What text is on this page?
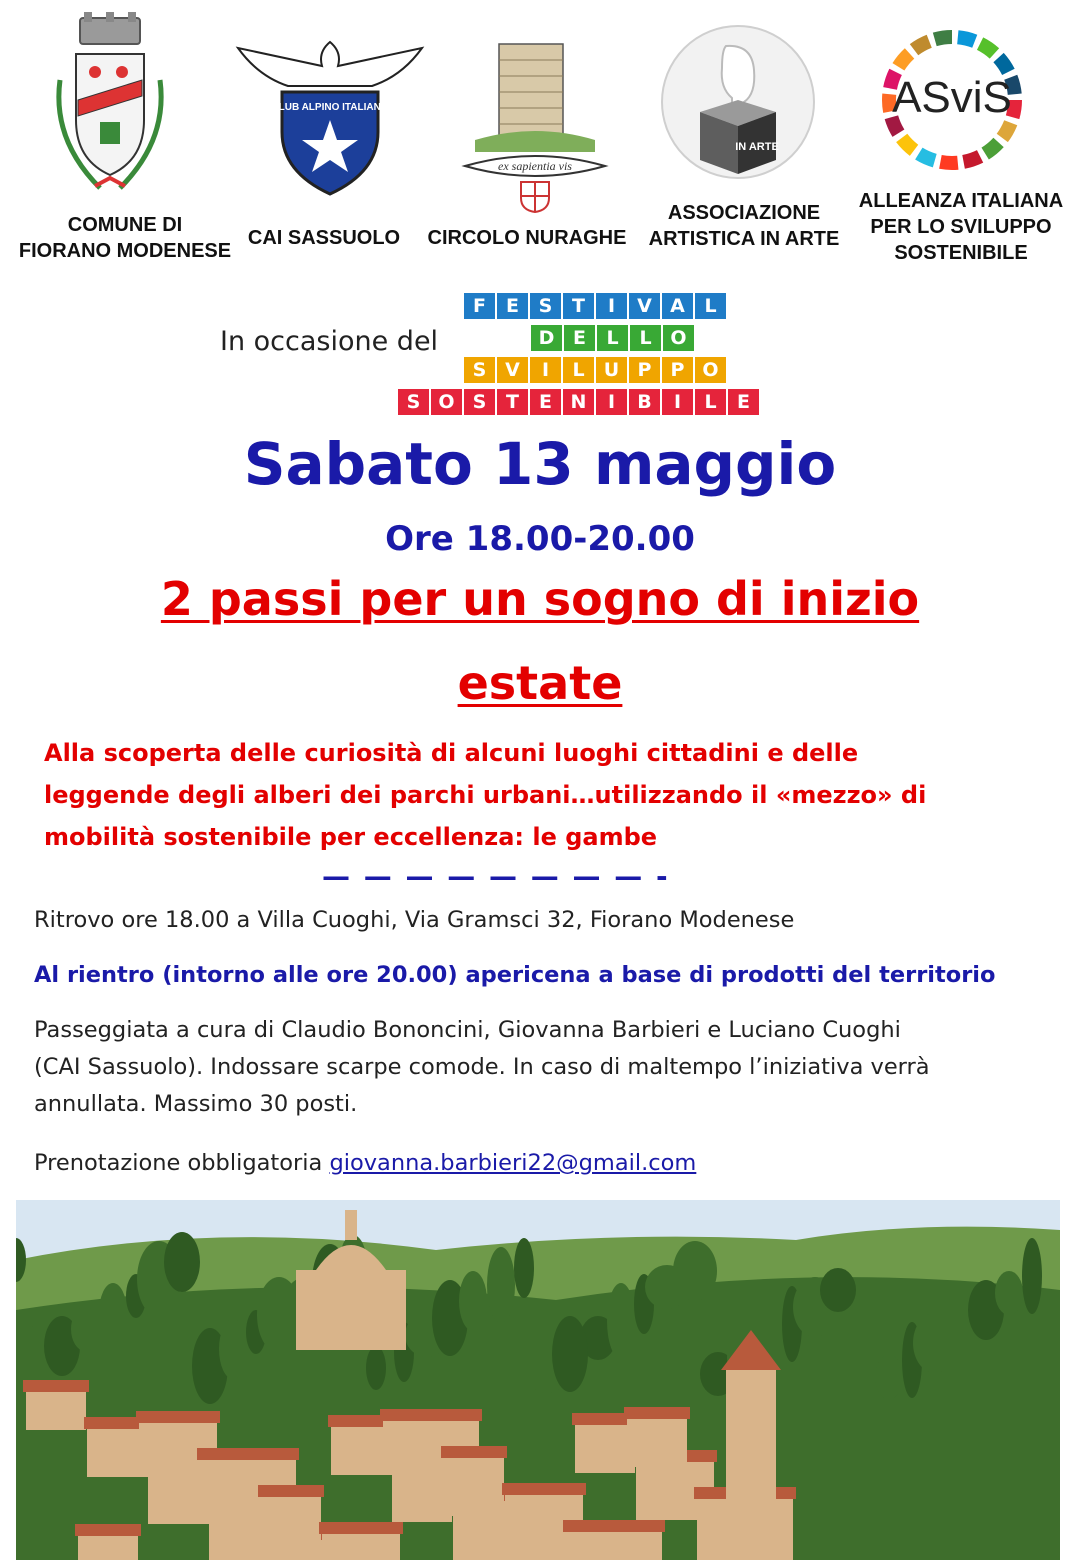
CLUB ALPINO ITALIANO
ex sapientia vis
IN ARTE
ASviS
COMUNE DI
FIORANO MODENESE
CAI SASSUOLO	CIRCOLO NURAGHE
ASSOCIAZIONE
ARTISTICA IN ARTE
ALLEANZA ITALIANA
PER LO SVILUPPO
SOSTENIBILE
In occasione del
F	E	S	T	I	V A	L
D E	L	L O
S V	I	L	U P	P O
S O S	T	E N	I	B	I	L	E
Sabato 13 maggio
Ore 18.00-20.00
2 passi per un sogno di inizio
estate
Alla scoperta delle curiosità di alcuni luoghi cittadini e delle
leggende degli alberi dei parchi urbani…utilizzando il «mezzo» di
mobilità sostenibile per eccellenza: le gambe
— — — — — — — — -
Ritrovo ore 18.00 a Villa Cuoghi, Via Gramsci 32, Fiorano Modenese
Al rientro (intorno alle ore 20.00) apericena a base di prodotti del territorio
Passeggiata a cura di Claudio Bononcini, Giovanna Barbieri e Luciano Cuoghi
(CAI Sassuolo). Indossare scarpe comode. In caso di maltempo l’iniziativa verrà
annullata. Massimo 30 posti.
Prenotazione obbligatoria giovanna.barbieri22@gmail.com
